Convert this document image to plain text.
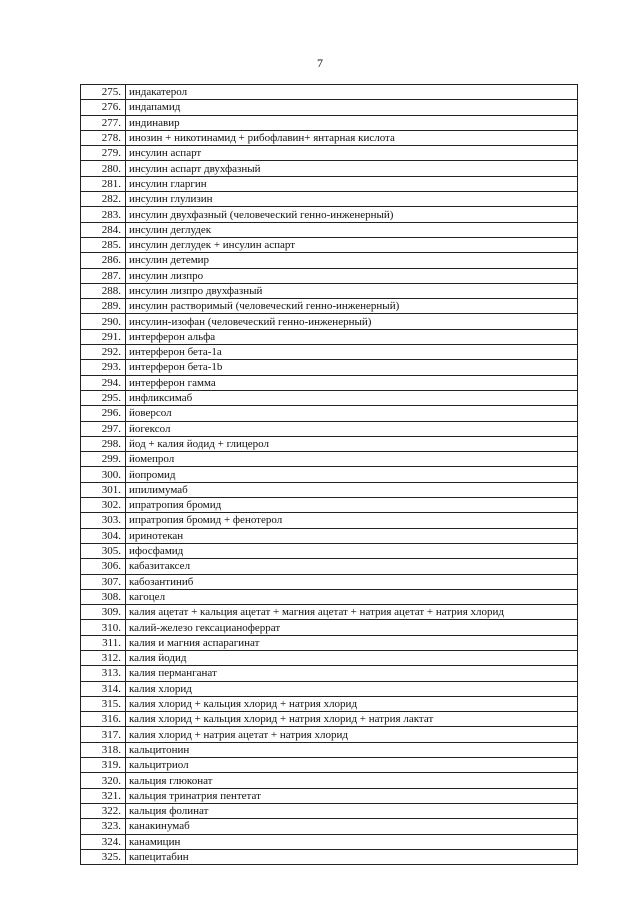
7
275.	индакатерол
276.	индапамид
277.	индинавир
278.	инозин + никотинамид + рибофлавин+ янтарная кислота
279.	инсулин аспарт
280.	инсулин аспарт двухфазный
281.	инсулин гларгин
282.	инсулин глулизин
283.	инсулин двухфазный (человеческий генно-инженерный)
284.	инсулин деглудек
285.	инсулин деглудек + инсулин аспарт
286.	инсулин детемир
287.	инсулин лизпро
288.	инсулин лизпро двухфазный
289.	инсулин растворимый (человеческий генно-инженерный)
290.	инсулин-изофан (человеческий генно-инженерный)
291.	интерферон альфа
292.	интерферон бета-1а
293.	интерферон бета-1b
294.	интерферон гамма
295.	инфликсимаб
296.	йоверсол
297.	йогексол
298.	йод + калия йодид + глицерол
299.	йомепрол
300.	йопромид
301.	ипилимумаб
302.	ипратропия бромид
303.	ипратропия бромид + фенотерол
304.	иринотекан
305.	ифосфамид
306.	кабазитаксел
307.	кабозантиниб
308.	кагоцел
309.	калия ацетат + кальция ацетат + магния ацетат + натрия ацетат + натрия хлорид
310.	калий-железо гексацианоферрат
311.	калия и магния аспарагинат
312.	калия йодид
313.	калия перманганат
314.	калия хлорид
315.	калия хлорид + кальция хлорид + натрия хлорид
316.	калия хлорид + кальция хлорид + натрия хлорид + натрия лактат
317.	калия хлорид + натрия ацетат + натрия хлорид
318.	кальцитонин
319.	кальцитриол
320.	кальция глюконат
321.	кальция тринатрия пентетат
322.	кальция фолинат
323.	канакинумаб
324.	канамицин
325.	капецитабин
